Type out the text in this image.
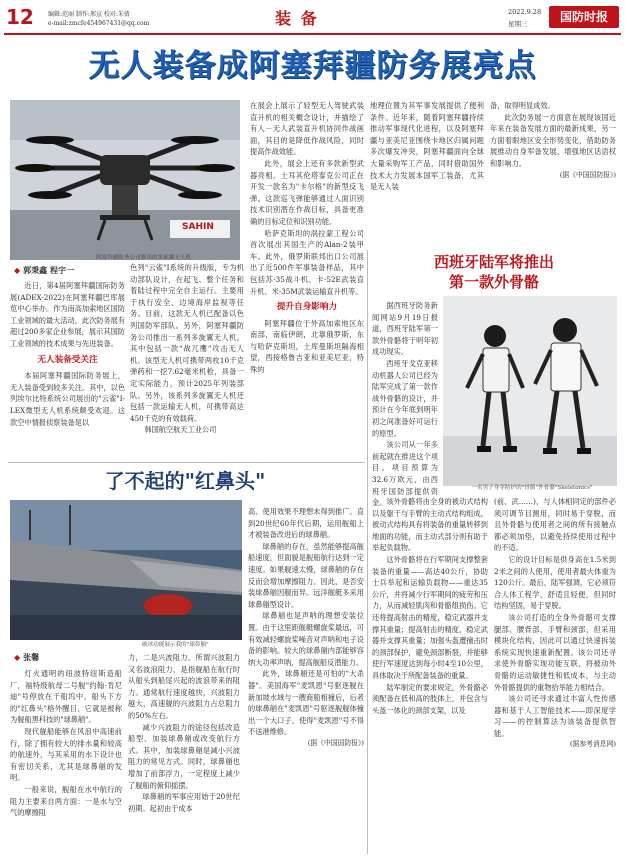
12 编辑:范丽 制作:邢宣 校对:朱倩
e-mail:zmcfe454967431@qq.com	装 备	2022.9.28
星期三	国防时报
无人装备成阿塞拜疆防务展亮点
SAHIN
阿塞拜疆防务公司推出的多旋翼无人机
◆ 郭秉鑫 程宇一

近日，第4届阿塞拜疆国际防务展(ADEX-2022)在阿塞拜疆巴库展览中心举办。作为南高加索地区国防工业领域的最大活动，此次防务展有超过200多家企业参展，展示其国防工业领域的技术成果与先进装备。

无人装备受关注

本届阿塞拜疆国际防务展上，无人装备受到较多关注。其中，以色列埃尔比特系统公司展出的"云雀"I-LEX微型无人机系统颇受欢迎。这款空中情报侦察装备是以

色列"云雀"I系统的升级版，专为机动部队设计，在起飞、整个任务和着陆过程中完全自主运行。主要用于执行安全、边境海岸监视等任务。目前，这款无人机已配备以色列国防军部队。另外，阿塞拜疆防务公司推出一系列多旋翼无人机，其中包括一款"战兀鹰"攻击无人机。该型无人机可携带两枚10千克弹药和一挖7.62毫米机枪，具备一定实际能力，预计2025年列装部队。另外，该系列多旋翼无人机还包括一款运输无人机，可携带高达450千克的有效载荷。

韩国航空航天工业公司

在展会上展示了轻型无人驾驶武装直升机的相关概念设计，并描绘了有人－无人武装直升机协同作战画面，其目的是降低作战风险，同时提高作战效能。

此外，展会上还有多款新型武器亮相。土耳其伦塔泰克公司正在开发一款名为"卡尔格"的新型反飞弹。这款巡飞弹能够通过人面识别技术识别潜在作战目标，具备更准确的目标定位和识别功能。

哈萨克斯坦的涡拉蒙工程公司首次展出其国生产的Alan-2装甲车。此外，俄罗斯联邦出口公司展出了近500件军事装备样品，其中包括苏-35战斗机、卡-52E武装直升机、米-35M武装运输直升机等。

提升自身影响力

阿塞拜疆位于外高加索地区东南部，南临伊朗，北靠俄罗斯，东与哈萨克斯坦，土库曼斯坦隔海相望，西接格鲁吉亚和亚美尼亚，特殊的

地理位置为其军事发展提供了便利条件。近年来，随着阿塞拜疆持续推动军事现代化进程，以及阿塞拜疆与亚美尼亚围绕卡地区归属问题多次爆发冲突，阿塞拜疆面向全球大量采购军工产品，同时借助国外技术大力发展本国军工装备，尤其是无人装

备，取得明显成效。

此次防务展一方面意在展现该国近年来在装备发展方面的最新成果，另一方面着眼地区安全形势变化，借助防务展推动自身军备发展，增强地区话语权和影响力。

(据《中国国防报》)

西班牙陆军将推出
第一款外骨骼

据西班牙防务新闻网站9月19日报道，西班牙陆军第一款外骨骼将于明年初成功现实。

西班牙戈克亚移动机器人公司已经为陆军完成了第一款作战外骨骼的设计，并预计在今年底到明年初之间准备好可运行的原型。

该公司从一年多前起就在推进这个项目。项目预算为32.6万欧元，由西班牙国防部提供资金。

一名男子身穿防护的"骨骼"外骨骼"Skeletonics"

该外骨骼将由全身的被动式结构以及躯干与手臂的主动式结构组成，被动式结构具有将装备的重量转移到地面的功能，而主动式部分则有助于举起负载物。

这外骨骼将在行军期间支撑整套装备的重量——高达40公斤，协助士兵举起和运输负载物——重达35公斤，并将减少行军期间的疲劳和压力，从而减轻肌肉和骨骼组损伤。它还将提高射击的精度，稳定武器并支撑其重量；提高射击的精度，稳定武器并支撑其重量；加强头盔遭撞击时的颈部保护，避免颈部断裂，并能够使行军速度达到每小时4至10公里，具体取决于所配备装备的重量。

陆军制定的要求规定，外骨骼必须配备在低和高的肢体上，并包含与头盔一体化的颈部支架，以及

(前、武……)，与人体相同定的部件必须可调节目测用，同时易于穿脱，而且外骨骼与使用者之间的所有接触点都必须加垫，以避免持续使用过程中的不适。

它的设计目标是供身高在1.5米到2米之间的人使用，使用者最大体重为120公斤。最后，陆军强调，它必须符合人体工程学，舒适且轻便，但同时结构坚固，易于穿脱。

该公司打造的全身外骨骼可支撑腿部、腰背部、手臂和颈部，但采用模块化结构，因此可以通过快速拆装系统实现快速重新配置。该公司还寻求使外骨骼实现功能互联，将被动外骨骼的运动敏捷性和低成本，与主动外骨骼提供的重物拾举能力相结合。

该公司还寻求通过丰富人性传感器和基于人工智能技术——即深度学习——的控制算法为该装备提供智能。

(据参考消息网)

了不起的"红鼻头"
破冰功能展示我的"球鼻艏"
◆ 张馨

灯火通明的纽波特纽斯造船厂，福特级航母二号舰"约翰·肯尼迪"号停放在干船坞中。船头下方的"红鼻头"格外醒目，它就是被称为舰船黑科技的"球鼻艏"。

现代舰船能够在风浪中高速前行，除了拥有较大的排水量和较高的航速外，与其采用的水下设计也有密切关系，尤其是球鼻艏的发明。

一般来说，舰船在水中航行的阻力主要来自两方面：一是水与空气的摩擦阻

力，二是兴波阻力。所谓兴波阻力又名波浪阻力，是指舰船在航行时从船头到船尾兴起的波浪带来的阻力。通常航行速度越快，兴波阻力越大，高速舰的兴波阻力占总阻力的50%左右。

减少兴波阻力的途径包括改造船型、加装球鼻艏或改变航行方式。其中，加装球鼻艏是减小兴波阻力的常见方式。同时，球鼻艏也增加了前部浮力，一定程度上减少了舰船的俯仰摇摆。

球鼻艏的军事应用始于20世纪初期。起初由于成本

高、使用效果不理想未得到推广。直到20世纪60年代后期，运用舰船上才被装备改进后的球鼻艏。

球鼻艏的存在，虽然能够提高舰船速度，但面貌是舰船航行达到一定速度。如果舰速太慢，球鼻艏的存在反而会增加摩擦阻力。因此，是否安装球鼻艏因舰而异。远洋舰艇多采用球鼻艏型设计。

球鼻艏也是声呐的理想安装位置。由于这里距舰艇螺旋桨最远，可有效减轻螺旋桨噪音对声呐和电子设备的影响。较大的球鼻艏内部能够容纳大功率声呐，提高舰船反潜能力。

此外，球鼻艏还是可怕的"大杀器"。美国海军"麦凯恩"号驱逐舰在新加坡水域与一艘商船相撞后，后者的球鼻艏在"麦凯恩"号驱逐舰舰体撞出一个大口子，使得"麦凯恩"号不得不送港维修。

(据《中国国防报》)
